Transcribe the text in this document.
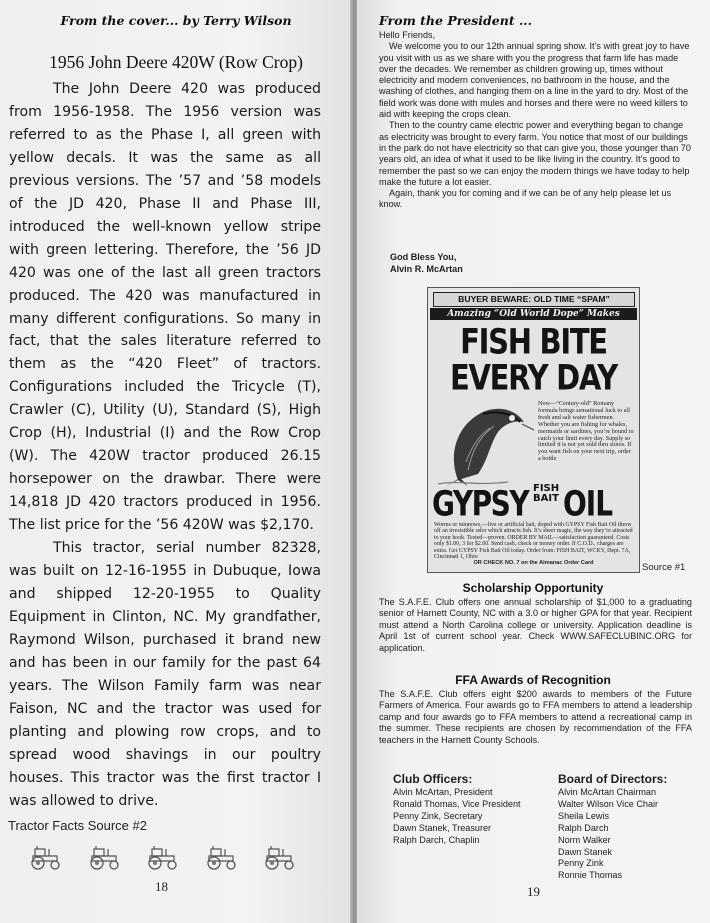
From the cover... by Terry Wilson
1956 John Deere 420W (Row Crop)

The John Deere 420 was produced from 1956-1958. The 1956 version was referred to as the Phase I, all green with yellow decals. It was the same as all previous versions. The ’57 and ’58 models of the JD 420, Phase II and Phase III, introduced the well-known yellow stripe with green lettering. Therefore, the ’56 JD 420 was one of the last all green tractors produced. The 420 was manufactured in many different configurations. So many in fact, that the sales literature referred to them as the “420 Fleet” of tractors. Configurations included the Tricycle (T), Crawler (C), Utility (U), Standard (S), High Crop (H), Industrial (I) and the Row Crop (W). The 420W tractor produced 26.15 horsepower on the drawbar. There were 14,818 JD 420 tractors produced in 1956. The list price for the ’56 420W was $2,170.

This tractor, serial number 82328, was built on 12-16-1955 in Dubuque, Iowa and shipped 12-20-1955 to Quality Equipment in Clinton, NC. My grandfather, Raymond Wilson, purchased it brand new and has been in our family for the past 64 years. The Wilson Family farm was near Faison, NC and the tractor was used for planting and plowing row crops, and to spread wood shavings in our poultry houses. This tractor was the first tractor I was allowed to drive.

Tractor Facts Source #2
18
From the President ...

Hello Friends,

We welcome you to our 12th annual spring show. It’s with great joy to have you visit with us as we share with you the progress that farm life has made over the decades. We remember as children growing up, times without electricity and modern conveniences, no bathroom in the house, and the washing of clothes, and hanging them on a line in the yard to dry. Most of the field work was done with mules and horses and there were no weed killers to aid with keeping the crops clean.

Then to the country came electric power and everything began to change as electricity was brought to every farm. You notice that most of our buildings in the park do not have electricity so that can give you, those younger than 70 years old, an idea of what it used to be like living in the country. It’s good to remember the past so we can enjoy the modern things we have today to help make the future a lot easier.

Again, thank you for coming and if we can be of any help please let us know.

God Bless You,
Alvin R. McArtan
BUYER BEWARE: OLD TIME “SPAM”
Amazing “Old World Dope” Makes
FISH BITE
EVERY DAY
Now—“Century-old” Romany formula brings sensational luck to all fresh and salt water fishermen. Whether you are fishing for whales, mermaids or sardines, you’re bound to catch your limit every day. Supply so limited it is not yet sold thru stores. If you want fish on your next trip, order a bottle
GYPSY FISH BAIT OIL
Worms or minnows,—live or artificial bait, doped with GYPSY Fish Bait Oil throw off an irresistible odor which attracts fish. It’s sheer magic, the way they’re attracted to your hook. Tested—proven. ORDER BY MAIL—satisfaction guaranteed. Costs only $1.00, 3 for $2.00. Send cash, check or money order. If C.O.D., charges are extra. Get GYPSY Fish Bait Oil today. Order from: FISH BAIT, WCKY, Dept. 7A, Cincinnati 1, Ohio
OR CHECK NO. 7 on the Almanac Order Card	Source #1
Scholarship Opportunity
The S.A.F.E. Club offers one annual scholarship of $1,000 to a graduating senior of Harnett County, NC with a 3.0 or higher GPA for that year. Recipient must attend a North Carolina college or university. Application deadline is April 1st of current school year. Check WWW.SAFECLUBINC.ORG for application.
FFA Awards of Recognition
The S.A.F.E. Club offers eight $200 awards to members of the Future Farmers of America. Four awards go to FFA members to attend a leadership camp and four awards go to FFA members to attend a recreational camp in the summer. These recipients are chosen by recommendation of the FFA teachers in the Harnett County Schools.
Club Officers:
Alvin McArtan, President
Ronald Thomas, Vice President
Penny Zink, Secretary
Dawn Stanek, Treasurer
Ralph Darch, Chaplin
Board of Directors:
Alvin McArtan Chairman
Walter Wilson Vice Chair
Sheila Lewis
Ralph Darch
Norm Walker
Dawn Stanek
Penny Zink
Ronnie Thomas
19
